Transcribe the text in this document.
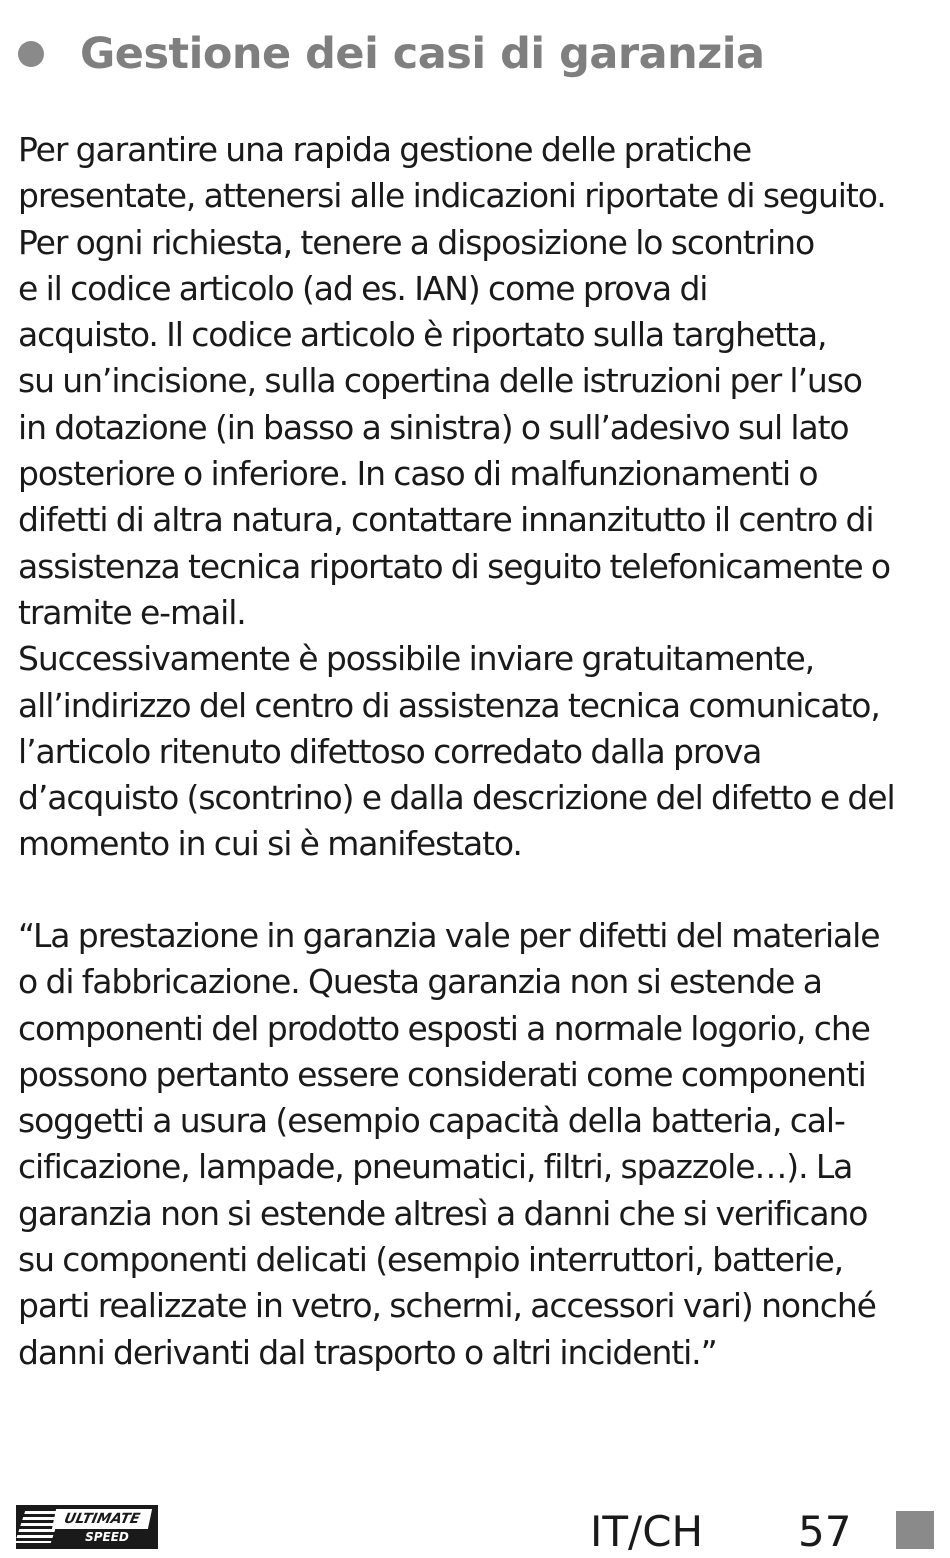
Gestione dei casi di garanzia
Per garantire una rapida gestione delle pratiche
presentate, attenersi alle indicazioni riportate di seguito.
Per ogni richiesta, tenere a disposizione lo scontrino
e il codice articolo (ad es. IAN) come prova di
acquisto. Il codice articolo è riportato sulla targhetta,
su un’incisione, sulla copertina delle istruzioni per l’uso
in dotazione (in basso a sinistra) o sull’adesivo sul lato
posteriore o inferiore. In caso di malfunzionamenti o
difetti di altra natura, contattare innanzitutto il centro di
assistenza tecnica riportato di seguito telefonicamente o
tramite e-mail.
Successivamente è possibile inviare gratuitamente,
all’indirizzo del centro di assistenza tecnica comunicato,
l’articolo ritenuto difettoso corredato dalla prova
d’acquisto (scontrino) e dalla descrizione del difetto e del
momento in cui si è manifestato.
“La prestazione in garanzia vale per difetti del materiale
o di fabbricazione. Questa garanzia non si estende a
componenti del prodotto esposti a normale logorio, che
possono pertanto essere considerati come componenti
soggetti a usura (esempio capacità della batteria, cal-
cificazione, lampade, pneumatici, filtri, spazzole…). La
garanzia non si estende altresì a danni che si verificano
su componenti delicati (esempio interruttori, batterie,
parti realizzate in vetro, schermi, accessori vari) nonché
danni derivanti dal trasporto o altri incidenti.”
ULTIMATE
SPEED	IT/CH 57
